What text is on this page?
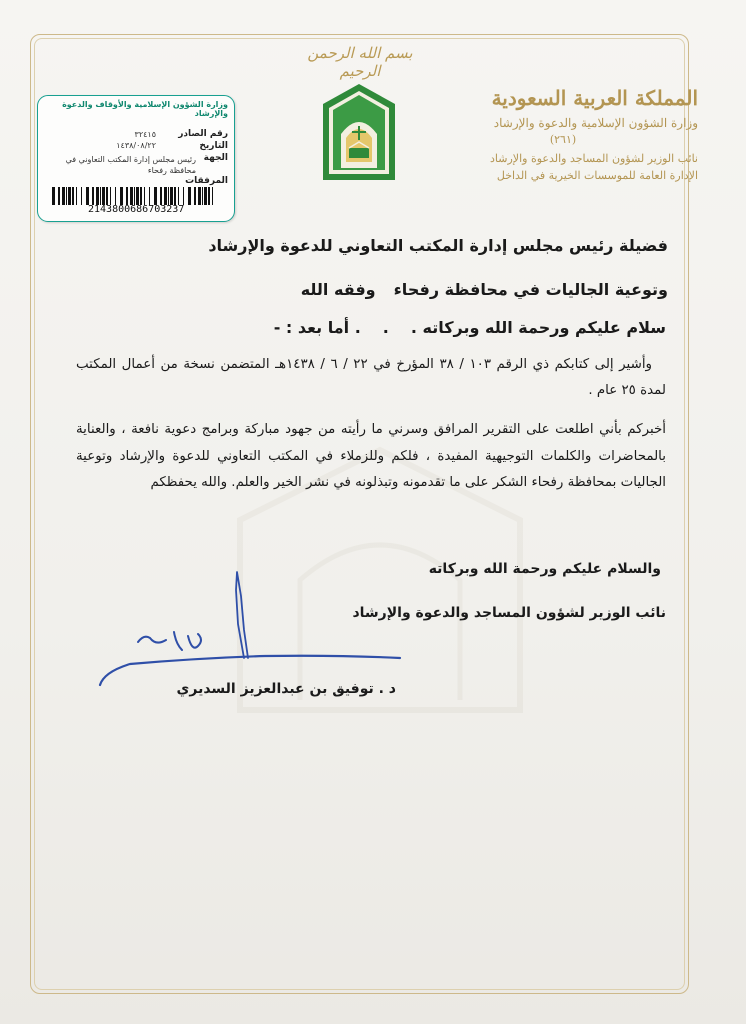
بسم الله الرحمن الرحيم
المملكة العربية السعودية
وزارة الشؤون الإسلامية والدعوة والإرشاد
(٢٦١)
نائب الوزير لشؤون المساجد والدعوة والإرشاد
الإدارة العامة للموسسات الخيرية في الداخل
وزارة الشؤون الإسلامية والأوقاف والدعوة والإرشاد
رقم الصادر
٣٢٤١٥
التاريخ
١٤٣٨/٠٨/٢٢
الجهة
رئيس مجلس إدارة المكتب التعاوني في محافظة رفحاء
المرفقات
2143800686703237
فضيلة رئيس مجلس إدارة المكتب التعاوني للدعوة والإرشاد
وتوعية الجاليات في محافظة رفحاءوفقه الله
سلام عليكم ورحمة الله وبركاته ... أما بعد : -
وأشير إلى كتابكم ذي الرقم ١٠٣ / ٣٨ المؤرخ في ٢٢ / ٦ / ١٤٣٨هـ المتضمن نسخة من أعمال المكتب لمدة ٢٥ عام .
أخبركم بأني اطلعت على التقرير المرافق وسرني ما رأيته من جهود مباركة وبرامج دعوية نافعة ، والعناية بالمحاضرات والكلمات التوجيهية المفيدة ، فلكم وللزملاء في المكتب التعاوني للدعوة والإرشاد وتوعية الجاليات بمحافظة رفحاء الشكر على ما تقدمونه وتبذلونه في نشر الخير والعلم. والله يحفظكم
والسلام عليكم ورحمة الله وبركاته
نائب الوزير لشؤون المساجد والدعوة والإرشاد
د . توفيق بن عبدالعزيز السديري
